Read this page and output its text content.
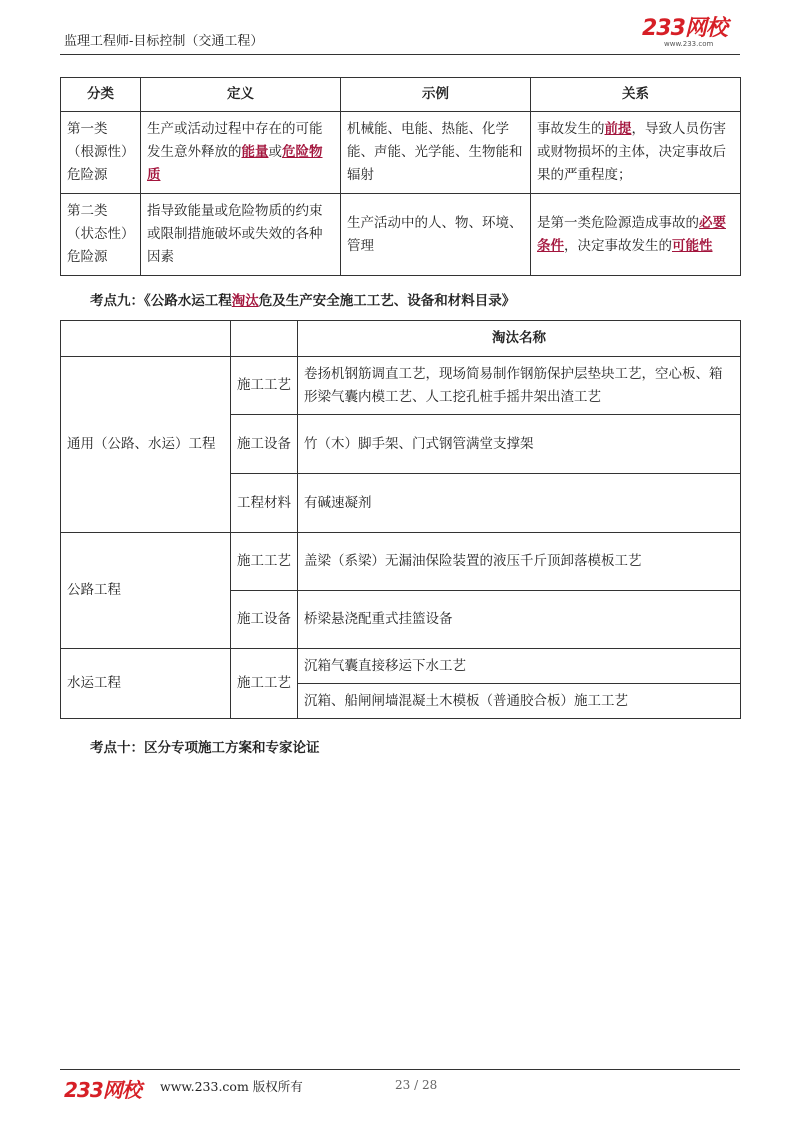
监理工程师-目标控制（交通工程）
233网校
www.233.com
分类	定义	示例	关系
第一类（根源性）危险源	生产或活动过程中存在的可能发生意外释放的能量或危险物质	机械能、电能、热能、化学能、声能、光学能、生物能和辐射	事故发生的前提，导致人员伤害或财物损坏的主体，决定事故后果的严重程度；
第二类（状态性）危险源	指导致能量或危险物质的约束或限制措施破坏或失效的各种因素	生产活动中的人、物、环境、管理	是第一类危险源造成事故的必要条件，决定事故发生的可能性
考点九：《公路水运工程淘汰危及生产安全施工工艺、设备和材料目录》
		淘汰名称
通用（公路、水运）工程	施工工艺	卷扬机钢筋调直工艺，现场简易制作钢筋保护层垫块工艺，空心板、箱形梁气囊内模工艺、人工挖孔桩手摇井架出渣工艺
	施工设备	竹（木）脚手架、门式钢管满堂支撑架
	工程材料	有碱速凝剂
公路工程	施工工艺	盖梁（系梁）无漏油保险装置的液压千斤顶卸落模板工艺
	施工设备	桥梁悬浇配重式挂篮设备
水运工程	施工工艺	沉箱气囊直接移运下水工艺
		沉箱、船闸闸墙混凝土木模板（普通胶合板）施工工艺
考点十：区分专项施工方案和专家论证
233网校 www.233.com 版权所有	23 / 28
